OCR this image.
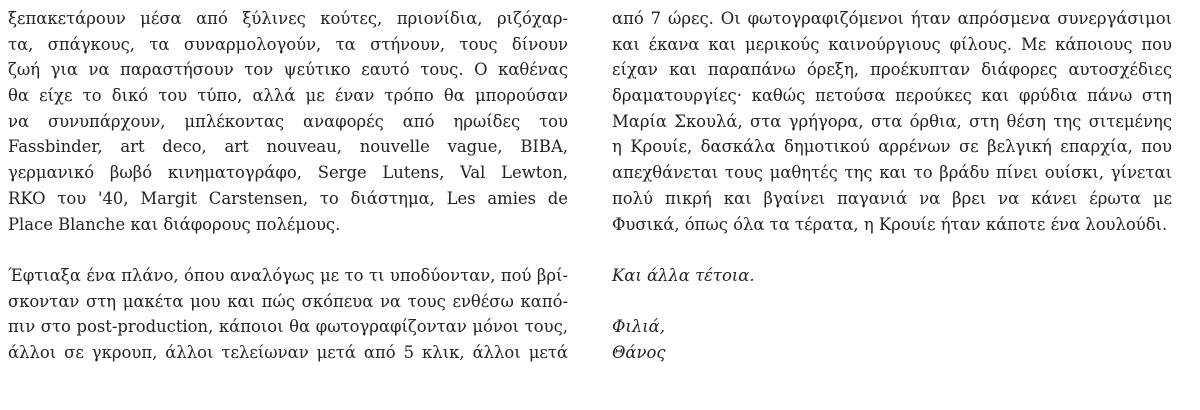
ξεπακετάρουν μέσα από ξύλινες κούτες, πριονίδια, ριζόχαρ-
τα, σπάγκους, τα συναρμολογούν, τα στήνουν, τους δίνουν
ζωή για να παραστήσουν τον ψεύτικο εαυτό τους. Ο καθένας
θα είχε το δικό του τύπο, αλλά με έναν τρόπο θα μπορούσαν
να συνυπάρχουν, μπλέκοντας αναφορές από ηρωίδες του
Fassbinder, art deco, art nouveau, nouvelle vague, BIBA,
γερμανικό βωβό κινηματογράφο, Serge Lutens, Val Lewton,
RKO του '40, Margit Carstensen, το διάστημα, Les amies de
Place Blanche και διάφορους πολέμους.
Έφτιαξα ένα πλάνο, όπου αναλόγως με το τι υποδύονταν, πού βρί-
σκονταν στη μακέτα μου και πώς σκόπευα να τους ενθέσω καπό-
πιν στο post-production, κάποιοι θα φωτογραφίζονταν μόνοι τους,
άλλοι σε γκρουπ, άλλοι τελείωναν μετά από 5 κλικ, άλλοι μετά
από 7 ώρες. Οι φωτογραφιζόμενοι ήταν απρόσμενα συνεργάσιμοι
και έκανα και μερικούς καινούργιους φίλους. Με κάποιους που
είχαν και παραπάνω όρεξη, προέκυπταν διάφορες αυτοσχέδιες
δραματουργίες· καθώς πετούσα περούκες και φρύδια πάνω στη
Μαρία Σκουλά, στα γρήγορα, στα όρθια, στη θέση της σιτεμένης
η Κρουίε, δασκάλα δημοτικού αρρένων σε βελγική επαρχία, που
απεχθάνεται τους μαθητές της και το βράδυ πίνει ουίσκι, γίνεται
πολύ πικρή και βγαίνει παγανιά να βρει να κάνει έρωτα με
Φυσικά, όπως όλα τα τέρατα, η Κρουίε ήταν κάποτε ένα λουλούδι.
Και άλλα τέτοια.
Φιλιά,
Θάνος
